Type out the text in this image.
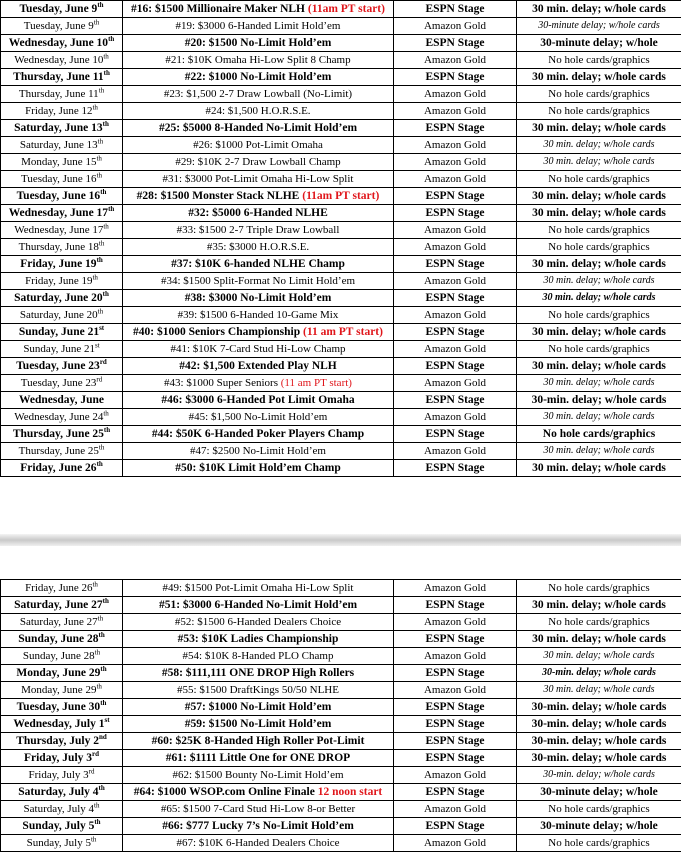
Tuesday, June 9th	#16: $1500 Millionaire Maker NLH (11am PT start)	ESPN Stage	30 min. delay; w/hole cards
Tuesday, June 9th	#19: $3000 6-Handed Limit Hold’em	Amazon Gold	30-minute delay; w/hole cards
Wednesday, June 10th	#20: $1500 No-Limit Hold’em	ESPN Stage	30-minute delay; w/hole
Wednesday, June 10th	#21: $10K Omaha Hi-Low Split 8 Champ	Amazon Gold	No hole cards/graphics
Thursday, June 11th	#22: $1000 No-Limit Hold’em	ESPN Stage	30 min. delay; w/hole cards
Thursday, June 11th	#23: $1,500 2-7 Draw Lowball (No-Limit)	Amazon Gold	No hole cards/graphics
Friday, June 12th	#24: $1,500 H.O.R.S.E.	Amazon Gold	No hole cards/graphics
Saturday, June 13th	#25: $5000 8-Handed No-Limit Hold’em	ESPN Stage	30 min. delay; w/hole cards
Saturday, June 13th	#26: $1000 Pot-Limit Omaha	Amazon Gold	30 min. delay; w/hole cards
Monday, June 15th	#29: $10K 2-7 Draw Lowball Champ	Amazon Gold	30 min. delay; w/hole cards
Tuesday, June 16th	#31: $3000 Pot-Limit Omaha Hi-Low Split	Amazon Gold	No hole cards/graphics
Tuesday, June 16th	#28: $1500 Monster Stack NLHE (11am PT start)	ESPN Stage	30 min. delay; w/hole cards
Wednesday, June 17th	#32: $5000 6-Handed NLHE	ESPN Stage	30 min. delay; w/hole cards
Wednesday, June 17th	#33: $1500 2-7 Triple Draw Lowball	Amazon Gold	No hole cards/graphics
Thursday, June 18th	#35: $3000 H.O.R.S.E.	Amazon Gold	No hole cards/graphics
Friday, June 19th	#37: $10K 6-handed NLHE Champ	ESPN Stage	30 min. delay; w/hole cards
Friday, June 19th	#34: $1500 Split-Format No Limit Hold’em	Amazon Gold	30 min. delay; w/hole cards
Saturday, June 20th	#38: $3000 No-Limit Hold’em	ESPN Stage	30 min. delay; w/hole cards
Saturday, June 20th	#39: $1500 6-Handed 10-Game Mix	Amazon Gold	No hole cards/graphics
Sunday, June 21st	#40: $1000 Seniors Championship (11 am PT start)	ESPN Stage	30 min. delay; w/hole cards
Sunday, June 21st	#41: $10K 7-Card Stud Hi-Low Champ	Amazon Gold	No hole cards/graphics
Tuesday, June 23rd	#42: $1,500 Extended Play NLH	ESPN Stage	30 min. delay; w/hole cards
Tuesday, June 23rd	#43: $1000 Super Seniors (11 am PT start)	Amazon Gold	30 min. delay; w/hole cards
Wednesday, June	#46: $3000 6-Handed Pot Limit Omaha	ESPN Stage	30-min. delay; w/hole cards
Wednesday, June 24th	#45: $1,500 No-Limit Hold’em	Amazon Gold	30 min. delay; w/hole cards
Thursday, June 25th	#44: $50K 6-Handed Poker Players Champ	ESPN Stage	No hole cards/graphics
Thursday, June 25th	#47: $2500 No-Limit Hold’em	Amazon Gold	30 min. delay; w/hole cards
Friday, June 26th	#50: $10K Limit Hold’em Champ	ESPN Stage	30 min. delay; w/hole cards
Friday, June 26th	#49: $1500 Pot-Limit Omaha Hi-Low Split	Amazon Gold	No hole cards/graphics
Saturday, June 27th	#51: $3000 6-Handed No-Limit Hold’em	ESPN Stage	30 min. delay; w/hole cards
Saturday, June 27th	#52: $1500 6-Handed Dealers Choice	Amazon Gold	No hole cards/graphics
Sunday, June 28th	#53: $10K Ladies Championship	ESPN Stage	30 min. delay; w/hole cards
Sunday, June 28th	#54: $10K 8-Handed PLO Champ	Amazon Gold	30 min. delay; w/hole cards
Monday, June 29th	#58: $111,111 ONE DROP High Rollers	ESPN Stage	30-min. delay; w/hole cards
Monday, June 29th	#55: $1500 DraftKings 50/50 NLHE	Amazon Gold	30 min. delay; w/hole cards
Tuesday, June 30th	#57: $1000 No-Limit Hold’em	ESPN Stage	30-min. delay; w/hole cards
Wednesday, July 1st	#59: $1500 No-Limit Hold’em	ESPN Stage	30-min. delay; w/hole cards
Thursday, July 2nd	#60: $25K 8-Handed High Roller Pot-Limit	ESPN Stage	30-min. delay; w/hole cards
Friday, July 3rd	#61: $1111 Little One for ONE DROP	ESPN Stage	30-min. delay; w/hole cards
Friday, July 3rd	#62: $1500 Bounty No-Limit Hold’em	Amazon Gold	30-min. delay; w/hole cards
Saturday, July 4th	#64: $1000 WSOP.com Online Finale 12 noon start	ESPN Stage	30-minute delay; w/hole
Saturday, July 4th	#65: $1500 7-Card Stud Hi-Low 8-or Better	Amazon Gold	No hole cards/graphics
Sunday, July 5th	#66: $777 Lucky 7’s No-Limit Hold’em	ESPN Stage	30-minute delay; w/hole
Sunday, July 5th	#67: $10K 6-Handed Dealers Choice	Amazon Gold	No hole cards/graphics
